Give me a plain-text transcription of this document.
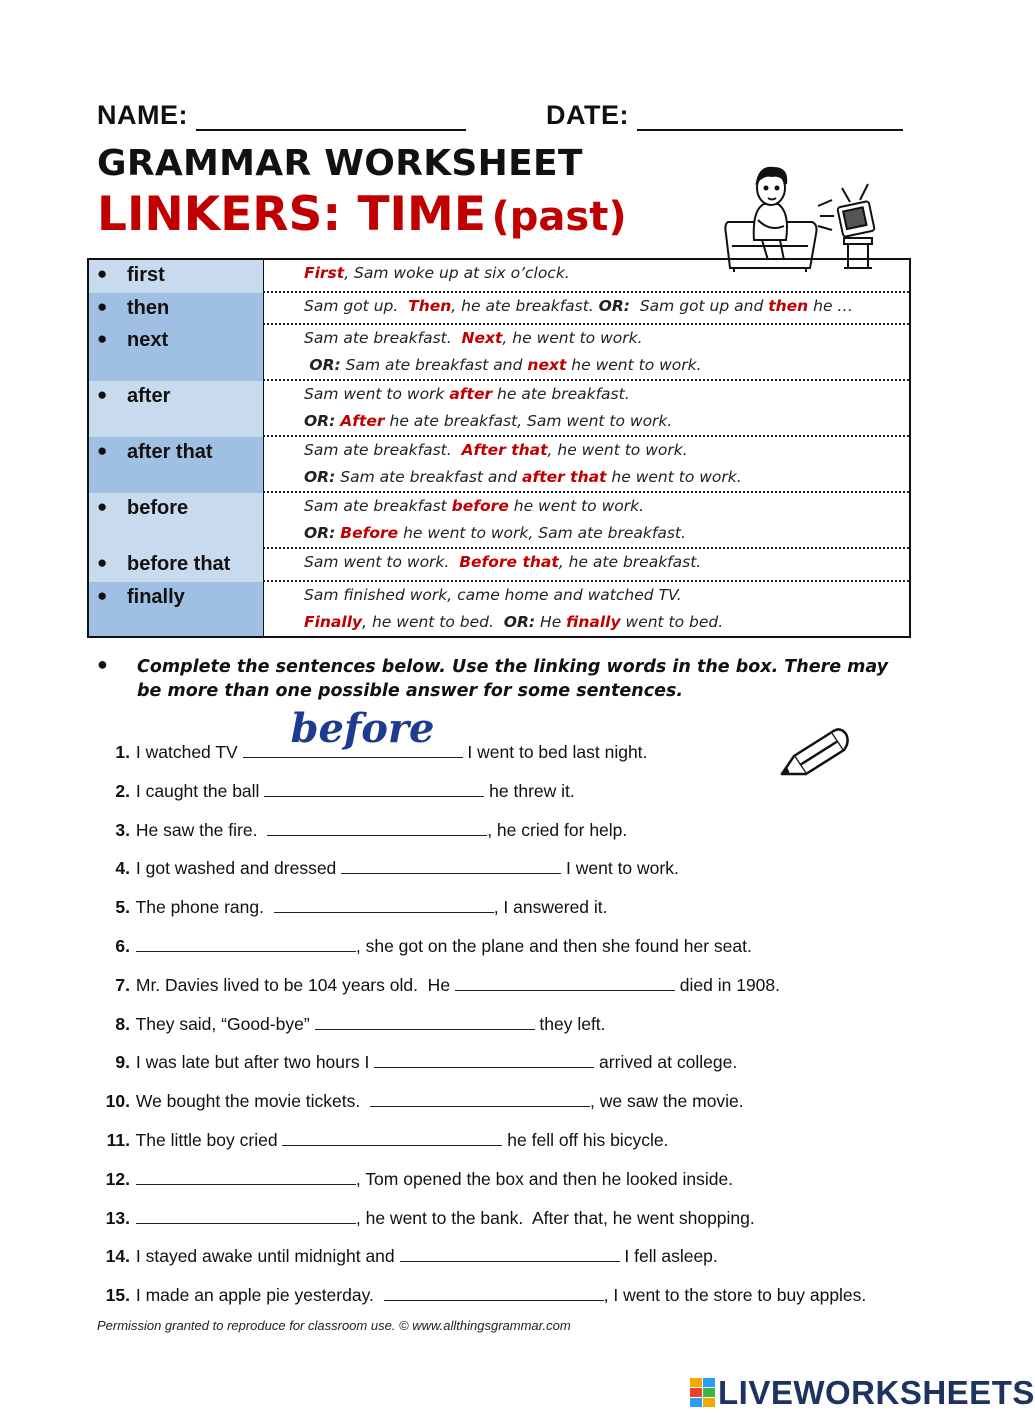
NAME:	DATE:
GRAMMAR WORKSHEET
LINKERS: TIME (past)
● first	First, Sam woke up at six o’clock.
● then	Sam got up.  Then, he ate breakfast. OR:  Sam got up and then he …
● next	Sam ate breakfast.  Next, he went to work.
OR: Sam ate breakfast and next he went to work.
● after	Sam went to work after he ate breakfast.
OR: After he ate breakfast, Sam went to work.
● after that	Sam ate breakfast.  After that, he went to work.
OR: Sam ate breakfast and after that he went to work.
● before	Sam ate breakfast before he went to work.
OR: Before he went to work, Sam ate breakfast.
● before that	Sam went to work.  Before that, he ate breakfast.
● finally	Sam finished work, came home and watched TV.
Finally, he went to bed.  OR: He finally went to bed.
● Complete the sentences below. Use the linking words in the box. There may be more than one possible answer for some sentences.
1. I watched TV before I went to bed last night.
2. I caught the ball	he threw it.
3. He saw the fire.	, he cried for help.
4. I got washed and dressed	I went to work.
5. The phone rang.	, I answered it.
6.	, she got on the plane and then she found her seat.
7. Mr. Davies lived to be 104 years old.  He	died in 1908.
8. They said, “Good-bye”	they left.
9. I was late but after two hours I	arrived at college.
10. We bought the movie tickets.	, we saw the movie.
11. The little boy cried	he fell off his bicycle.
12.	, Tom opened the box and then he looked inside.
13.	, he went to the bank.  After that, he went shopping.
14. I stayed awake until midnight and	I fell asleep.
15. I made an apple pie yesterday.	, I went to the store to buy apples.
Permission granted to reproduce for classroom use. © www.allthingsgrammar.com
LIVEWORKSHEETS
